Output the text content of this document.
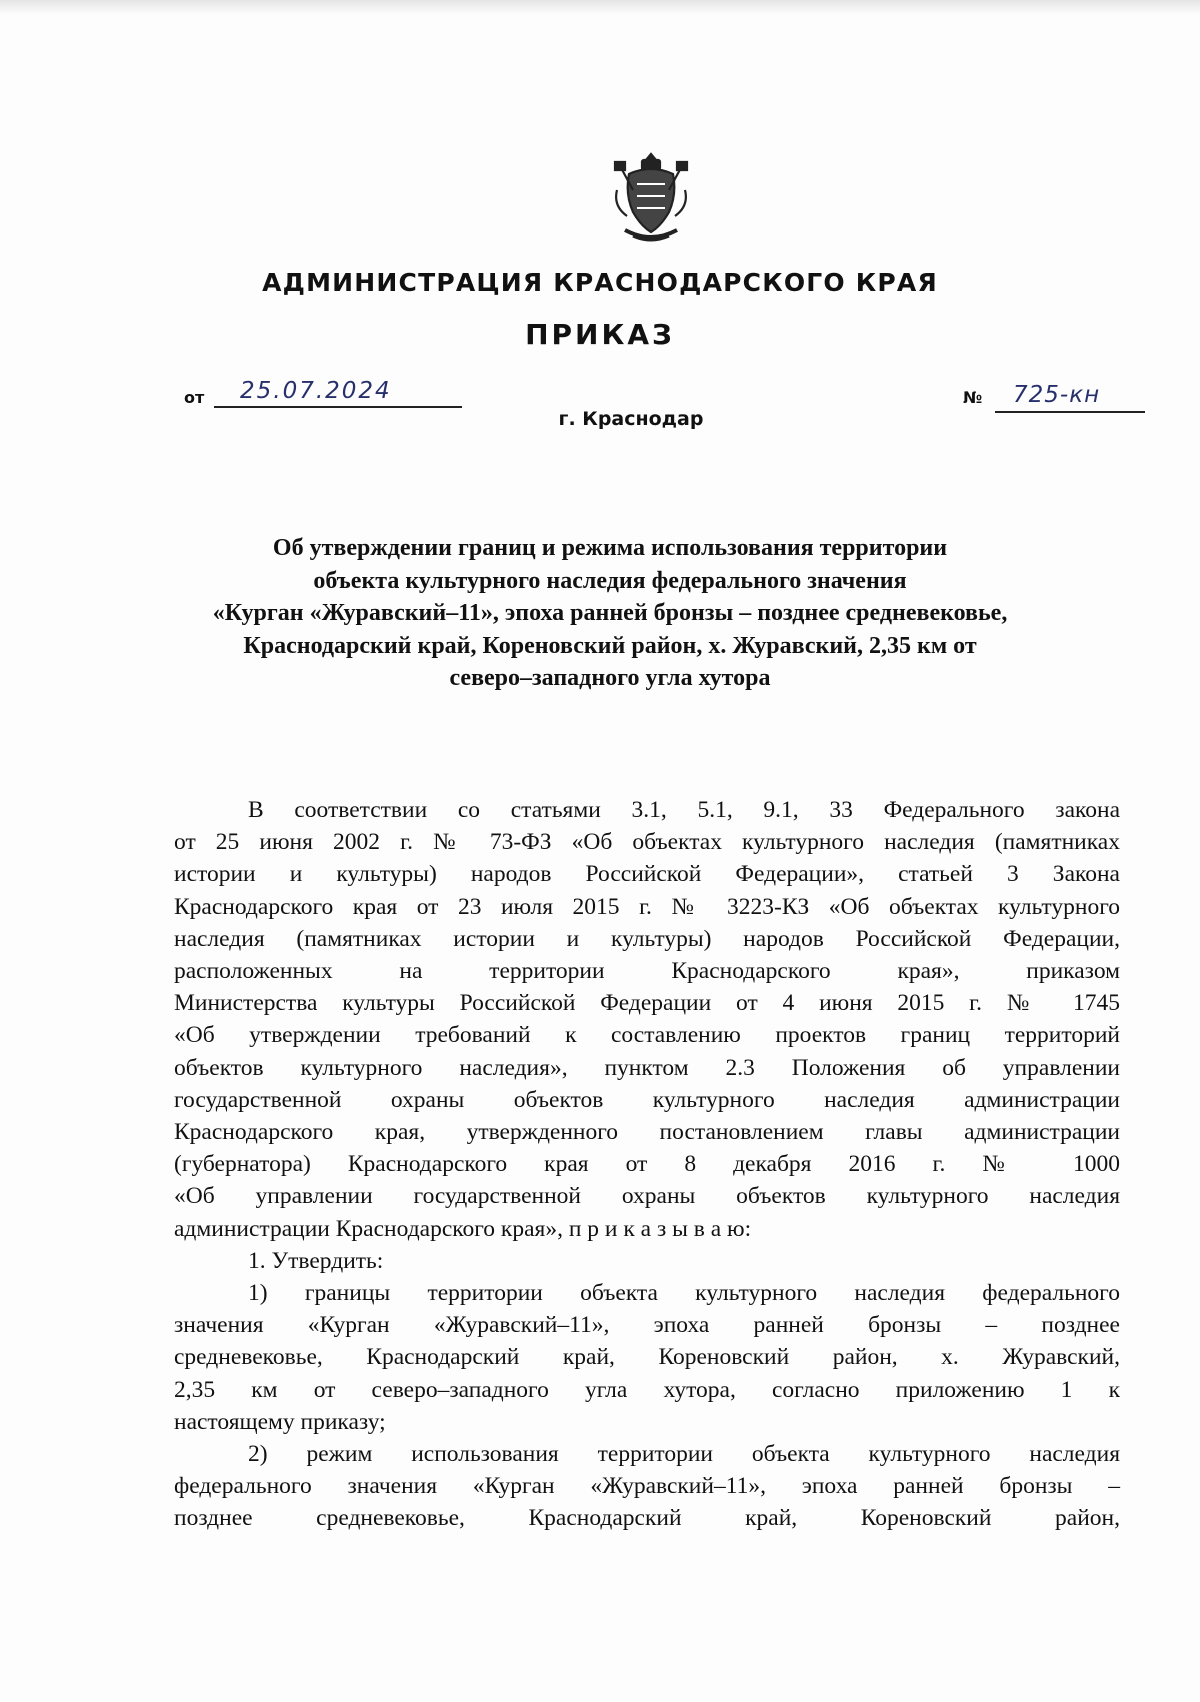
АДМИНИСТРАЦИЯ КРАСНОДАРСКОГО КРАЯ
ПРИКАЗ
от 25.07.2024	№ 725-кн
г. Краснодар
Об утверждении границ и режима использования территории
объекта культурного наследия федерального значения
«Курган «Журавский–11», эпоха ранней бронзы – позднее средневековье,
Краснодарский край, Кореновский район, х. Журавский, 2,35 км от
северо–западного угла хутора
В соответствии со статьями 3.1, 5.1, 9.1, 33 Федерального закона
от 25 июня 2002 г. № 73-ФЗ «Об объектах культурного наследия (памятниках
истории и культуры) народов Российской Федерации», статьей 3 Закона
Краснодарского края от 23 июля 2015 г. № 3223-КЗ «Об объектах культурного
наследия (памятниках истории и культуры) народов Российской Федерации,
расположенных на территории Краснодарского края», приказом
Министерства культуры Российской Федерации от 4 июня 2015 г. № 1745
«Об утверждении требований к составлению проектов границ территорий
объектов культурного наследия», пунктом 2.3 Положения об управлении
государственной охраны объектов культурного наследия администрации
Краснодарского края, утвержденного постановлением главы администрации
(губернатора) Краснодарского края от 8 декабря 2016 г. № 1000
«Об управлении государственной охраны объектов культурного наследия
администрации Краснодарского края», п р и к а з ы в а ю:
1. Утвердить:
1) границы территории объекта культурного наследия федерального
значения «Курган «Журавский–11», эпоха ранней бронзы – позднее
средневековье, Краснодарский край, Кореновский район, х. Журавский,
2,35 км от северо–западного угла хутора, согласно приложению 1 к
настоящему приказу;
2) режим использования территории объекта культурного наследия
федерального значения «Курган «Журавский–11», эпоха ранней бронзы –
позднее средневековье, Краснодарский край, Кореновский район,
